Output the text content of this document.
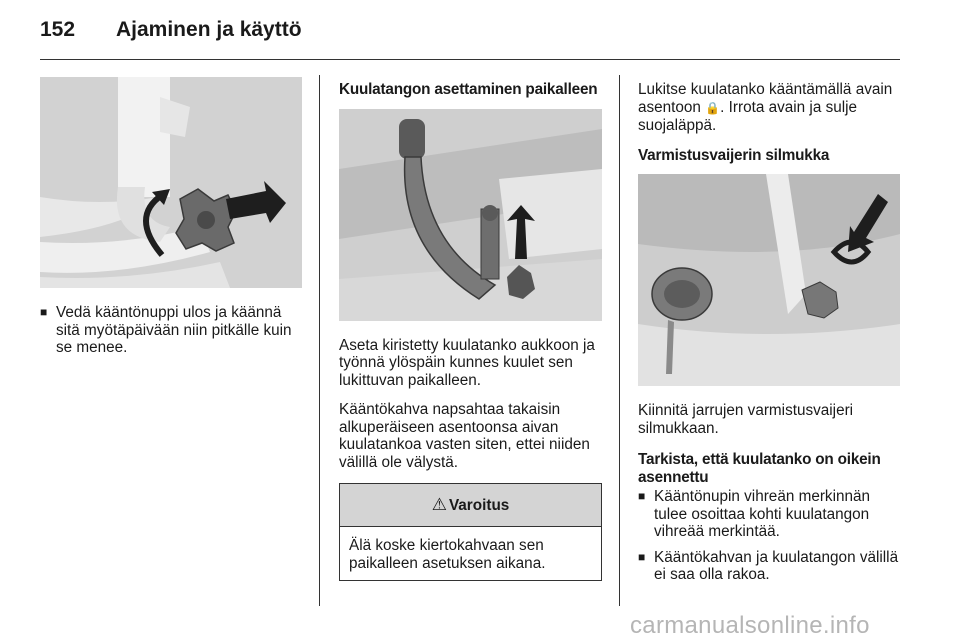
152 Ajaminen ja käyttö
■ Vedä kääntönuppi ulos ja käännä sitä myötäpäivään niin pitkälle kuin se menee.
Kuulatangon asettaminen paikalleen

Aseta kiristetty kuulatanko aukkoon ja työnnä ylöspäin kunnes kuulet sen lukittuvan paikalleen.

Kääntökahva napsahtaa takaisin alkuperäiseen asentoonsa aivan kuulatankoa vasten siten, ettei niiden välillä ole välystä.

⚠ Varoitus
Älä koske kiertokahvaan sen paikalleen asetuksen aikana.

Lukitse kuulatanko kääntämällä avain asentoon 🔒. Irrota avain ja sulje suojaläppä.

Varmistusvaijerin silmukka

Kiinnitä jarrujen varmistusvaijeri silmukkaan.

Tarkista, että kuulatanko on oikein asennettu
■ Kääntönupin vihreän merkinnän tulee osoittaa kohti kuulatangon vihreää merkintää.
■ Kääntökahvan ja kuulatangon välillä ei saa olla rakoa.
carmanualsonline.info
